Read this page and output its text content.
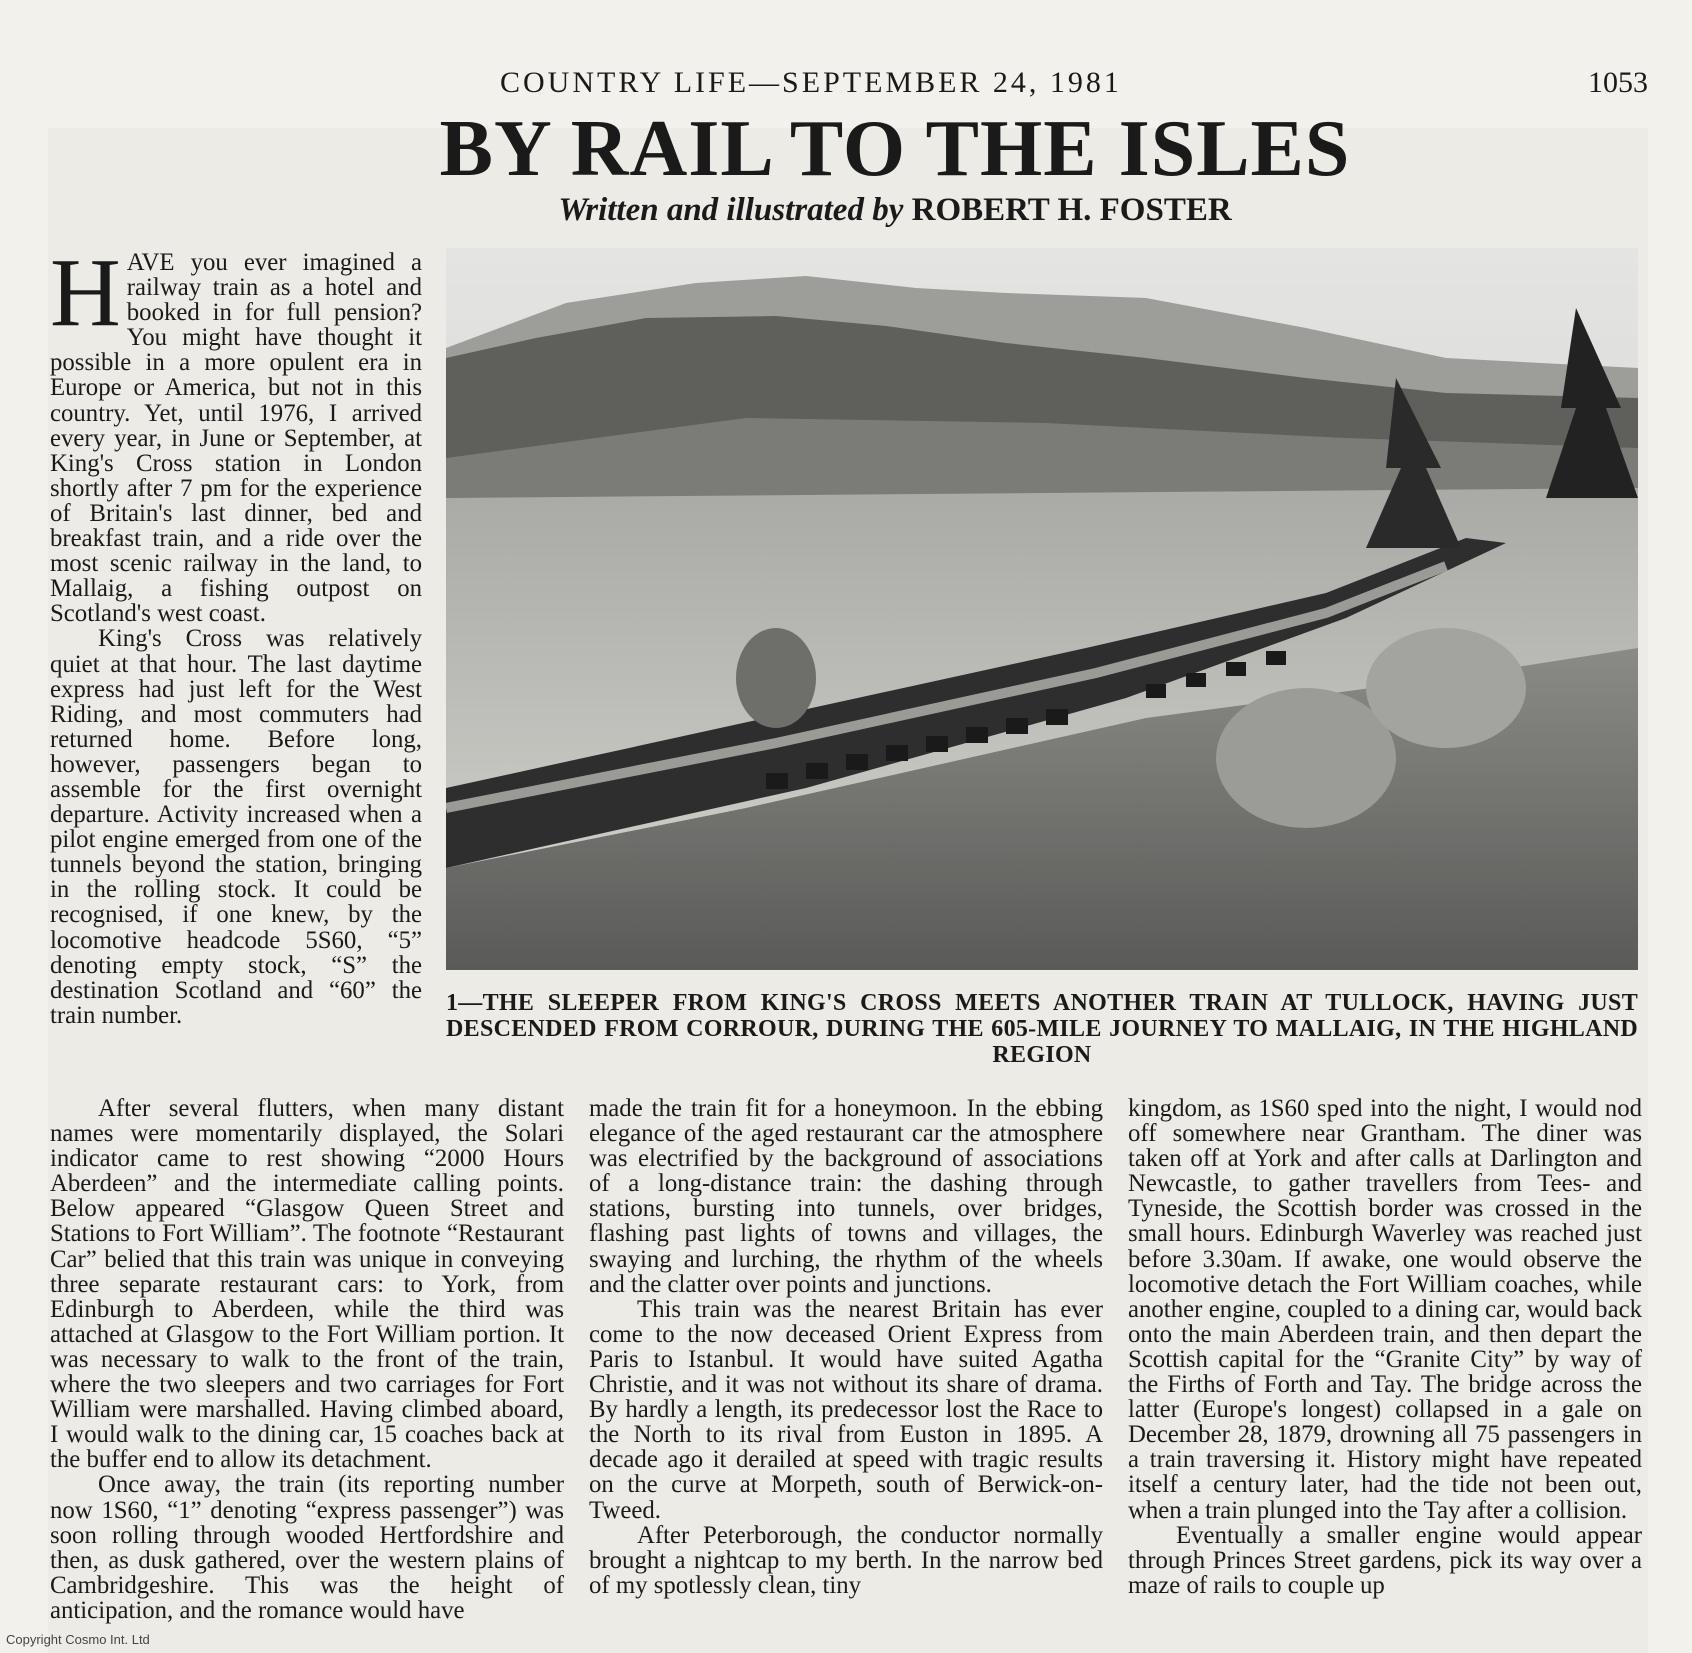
COUNTRY LIFE—SEPTEMBER 24, 1981	1053
BY RAIL TO THE ISLES
Written and illustrated by ROBERT H. FOSTER
1—THE SLEEPER FROM KING'S CROSS MEETS ANOTHER TRAIN AT TULLOCK, HAVING JUST DESCENDED FROM CORROUR, DURING THE 605-MILE JOURNEY TO MALLAIG, IN THE HIGHLAND REGION

HAVE you ever imagined a railway train as a hotel and booked in for full pension? You might have thought it possible in a more opulent era in Europe or America, but not in this country. Yet, until 1976, I arrived every year, in June or September, at King's Cross station in London shortly after 7 pm for the experience of Britain's last dinner, bed and breakfast train, and a ride over the most scenic railway in the land, to Mallaig, a fishing outpost on Scotland's west coast.

King's Cross was relatively quiet at that hour. The last daytime express had just left for the West Riding, and most commuters had returned home. Before long, however, passengers began to assemble for the first overnight departure. Activity increased when a pilot engine emerged from one of the tunnels beyond the station, bringing in the rolling stock. It could be recognised, if one knew, by the locomotive headcode 5S60, “5” denoting empty stock, “S” the destination Scotland and “60” the train number.

After several flutters, when many distant names were momentarily displayed, the Solari indicator came to rest showing “2000 Hours Aberdeen” and the intermediate calling points. Below appeared “Glasgow Queen Street and Stations to Fort William”. The footnote “Restaurant Car” belied that this train was unique in conveying three separate restaurant cars: to York, from Edinburgh to Aberdeen, while the third was attached at Glasgow to the Fort William portion. It was necessary to walk to the front of the train, where the two sleepers and two carriages for Fort William were marshalled. Having climbed aboard, I would walk to the dining car, 15 coaches back at the buffer end to allow its detachment.

Once away, the train (its reporting number now 1S60, “1” denoting “express passenger”) was soon rolling through wooded Hertfordshire and then, as dusk gathered, over the western plains of Cambridgeshire. This was the height of anticipation, and the romance would have

made the train fit for a honeymoon. In the ebbing elegance of the aged restaurant car the atmosphere was electrified by the background of associations of a long-distance train: the dashing through stations, bursting into tunnels, over bridges, flashing past lights of towns and villages, the swaying and lurching, the rhythm of the wheels and the clatter over points and junctions.

This train was the nearest Britain has ever come to the now deceased Orient Express from Paris to Istanbul. It would have suited Agatha Christie, and it was not without its share of drama. By hardly a length, its predecessor lost the Race to the North to its rival from Euston in 1895. A decade ago it derailed at speed with tragic results on the curve at Morpeth, south of Berwick-on-Tweed.

After Peterborough, the conductor normally brought a nightcap to my berth. In the narrow bed of my spotlessly clean, tiny

kingdom, as 1S60 sped into the night, I would nod off somewhere near Grantham. The diner was taken off at York and after calls at Darlington and Newcastle, to gather travellers from Tees- and Tyneside, the Scottish border was crossed in the small hours. Edinburgh Waverley was reached just before 3.30am. If awake, one would observe the locomotive detach the Fort William coaches, while another engine, coupled to a dining car, would back onto the main Aberdeen train, and then depart the Scottish capital for the “Granite City” by way of the Firths of Forth and Tay. The bridge across the latter (Europe's longest) collapsed in a gale on December 28, 1879, drowning all 75 passengers in a train traversing it. History might have repeated itself a century later, had the tide not been out, when a train plunged into the Tay after a collision.

Eventually a smaller engine would appear through Princes Street gardens, pick its way over a maze of rails to couple up

Copyright Cosmo Int. Ltd
